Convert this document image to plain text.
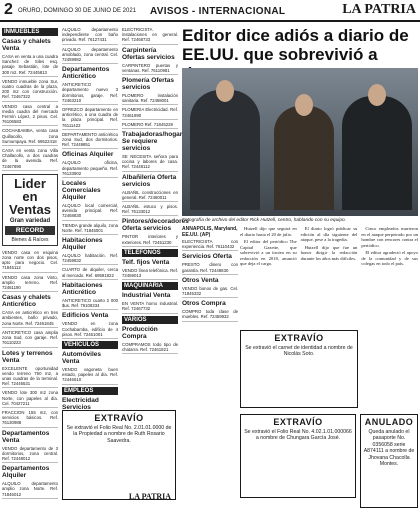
2 ORURO, DOMINGO 30 DE JUNIO DE 2021 AVISOS - INTERNACIONAL	LA PATRIA
INMUEBLES
Casas y chalets Venta
CASA en venta a una cuadra Sanchez de Siles esq. pasaje Sebastián, lote de 300 m2. Ref. 72445813
VENDO inmueble zona Sur, cuatro cuadras de la plaza, 200 m2 con construcción. Ref. 72467322
VENDO casa central a media cuadra del mercado Fermín López, 2 pisos. Cel. 76106583
COCHABAMBA, venta casa Quillacollo, zona Sumumpaya. Ref. 69522418
CASA en venta zona Villa Challacollo, a dos cuadras de la avenida. Ref. 72467890
Lider en Ventas
Gran variedad
RECORD
Bienes & Raíces
VENDO casa en esquina zona norte con dos pisos, apto para negocio. Cel. 71845112
VENDO casa zona Vinto, amplio terreno. Ref. 72461190
Casas y chalets Anticrético
CASA en anticrético en tres ambientes, baño privado, zona Norte. Ref. 72461845
ANTICRETICO casa amplia zona Sud, con garaje. Ref. 76110223
Lotes y terrenos Venta
EXCELENTE oportunidad vendo terreno 750 m2, a unas cuadras de la terminal. Ref. 72446531
VENDO lote 300 m2 zona Norte, con papeles al día. Cel. 70427211
FRACCION 155 m2, con servicios básicos. Ref. 76130988
Departamentos Venta
VENDO departamento de 3 dormitorios, zona central. Ref. 72448012
Departamentos Alquiler
ALQUILO departamento amplio zona Norte. Ref. 71846012
ALQUILO departamento independiente con baño privado. Ref. 76127431
ALQUILO departamento amoblado, zona central. Cel. 72459982
Departamentos Anticrético
ANTICRETICO departamento nuevo 3 dormitorios, garaje. Ref. 72463210
OFREZCO departamento en anticrético, a una cuadra de la plaza principal. Ref. 76111422
DEPARTAMENTO anticrético zona Sud, dos dormitorios. Ref. 72449851
Oficinas Alquiler
ALQUILO oficina, departamento pequeño. Ref. 76133902
Locales Comerciales Alquiler
ALQUILO local comercial, avenida principal. Ref. 72468830
TIENDA grande alquilo, zona Norte. Ref. 71845001
Habitaciones Alquiler
ALQUILO habitación. Ref. 72459832
CUARTO de alquiler, cerca al mercado. Ref. 69591822
Habitaciones Anticrético
ANTICRETICO cuarto 2 000 $us. Ref. 76108234
Edificios Venta
VENDO en zona Cochabamba, edificio de 4 pisos. Ref. 72461001
VEHÍCULOS
Automóviles Venta
VENDO vagoneta buen estado, papeles al día. Ref. 72446610
EMPLEOS
Electricidad Servicios
ELECTRICISTA instalaciones en general. Ref. 72468733
Carpintería Ofertas servicios
CARPINTERO puertas y ventanas. Ref. 76110981
Plomería Ofertas servicios
PLOMERO instalación sanitaria. Ref. 72468001
PLOMERIA Electricidad. Ref. 72461890
PLOMERO Ref. 71845229
Trabajadoras/hogar Se requiere servicios
SE NECESITA señora para cocina y labores de casa. Ref. 72448112
Albañilería Oferta servicios
ALBAÑIL construcciones en general. Ref. 72460011
ALBAÑIL estuco y pisos. Ref. 76133012
Pintores/decoradores Oferta servicios
PINTOR interiores y exteriores. Ref. 72451230
TELÉFONOS
Telf. fijos Venta
VENDO línea telefónica. Ref. 72459013
MAQUINARIA
Industrial Venta
EN VENTA horno industrial. Ref. 72467732
VARIOS
Producción Compra
COMPRAMOS todo tipo de chatarra. Ref. 72461821
LA PATRIA
Editor dice adiós a diario de EE.UU. que sobrevivió a
Fotografía de archivo del editor Rick Hutzell, centro, hablando con su equipo.
ANNAPOLIS, Maryland, EE.UU. (AP)
ELECTRICISTA con experiencia. Ref. 76110432
Servicios Oferta
PRESTO dinero con garantía. Ref. 72448830
Otros Venta
VENDO bonos de gas. Cel. 71845332
Otros Compra
COMPRO toda clase de muebles. Ref. 72459932

Hutzell dijo que seguirá en el diario hasta el 20 de julio.

El editor del periódico The Capital Gazette, que sobrevivió a un tiroteo en su redacción en 2018, anunció que deja el cargo.

El diario logró publicar su edición al día siguiente del ataque, pese a la tragedia.

Hutzell dijo que fue un honor dirigir la redacción durante los años más difíciles.

Cinco empleados murieron en el ataque perpetrado por un hombre con rencores contra el periódico.

El editor agradeció el apoyo de la comunidad y de sus colegas en todo el país.

EXTRAVÍO
Se extravió el carnet de identidad a nombre de Nicolás Soto.
EXTRAVÍO
Se extravió el Folio Real No. 2.01.01.0000 de la Propiedad a nombre de Ruth Rosario Saavedra.
EXTRAVÍO
Se extravió el Folio Real No. 4.02.1.01.000066 a nombre de Chungara García José.
ANULADO
Queda anulado el pasaporte No. 0356058 serie A874111 a nombre de Jhovana Chacolla Montes.
